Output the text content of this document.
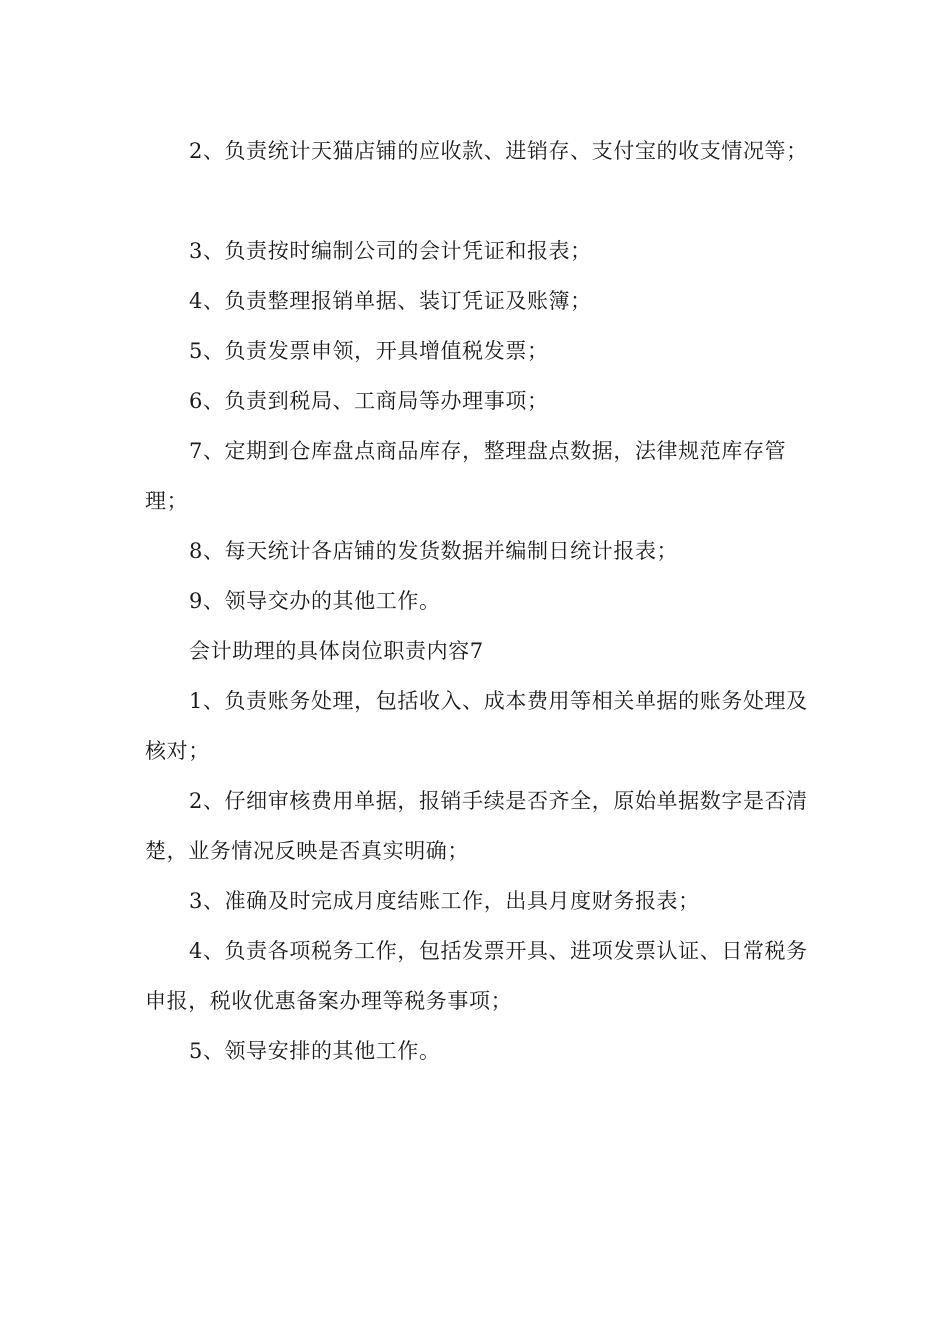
2、负责统计天猫店铺的应收款、进销存、支付宝的收支情况等；

3、负责按时编制公司的会计凭证和报表；

4、负责整理报销单据、装订凭证及账簿；

5、负责发票申领，开具增值税发票；

6、负责到税局、工商局等办理事项；

7、定期到仓库盘点商品库存，整理盘点数据，法律规范库存管理；

8、每天统计各店铺的发货数据并编制日统计报表；

9、领导交办的其他工作。

会计助理的具体岗位职责内容7

1、负责账务处理，包括收入、成本费用等相关单据的账务处理及核对；

2、仔细审核费用单据，报销手续是否齐全，原始单据数字是否清楚，业务情况反映是否真实明确；

3、准确及时完成月度结账工作，出具月度财务报表；

4、负责各项税务工作，包括发票开具、进项发票认证、日常税务申报，税收优惠备案办理等税务事项；

5、领导安排的其他工作。
